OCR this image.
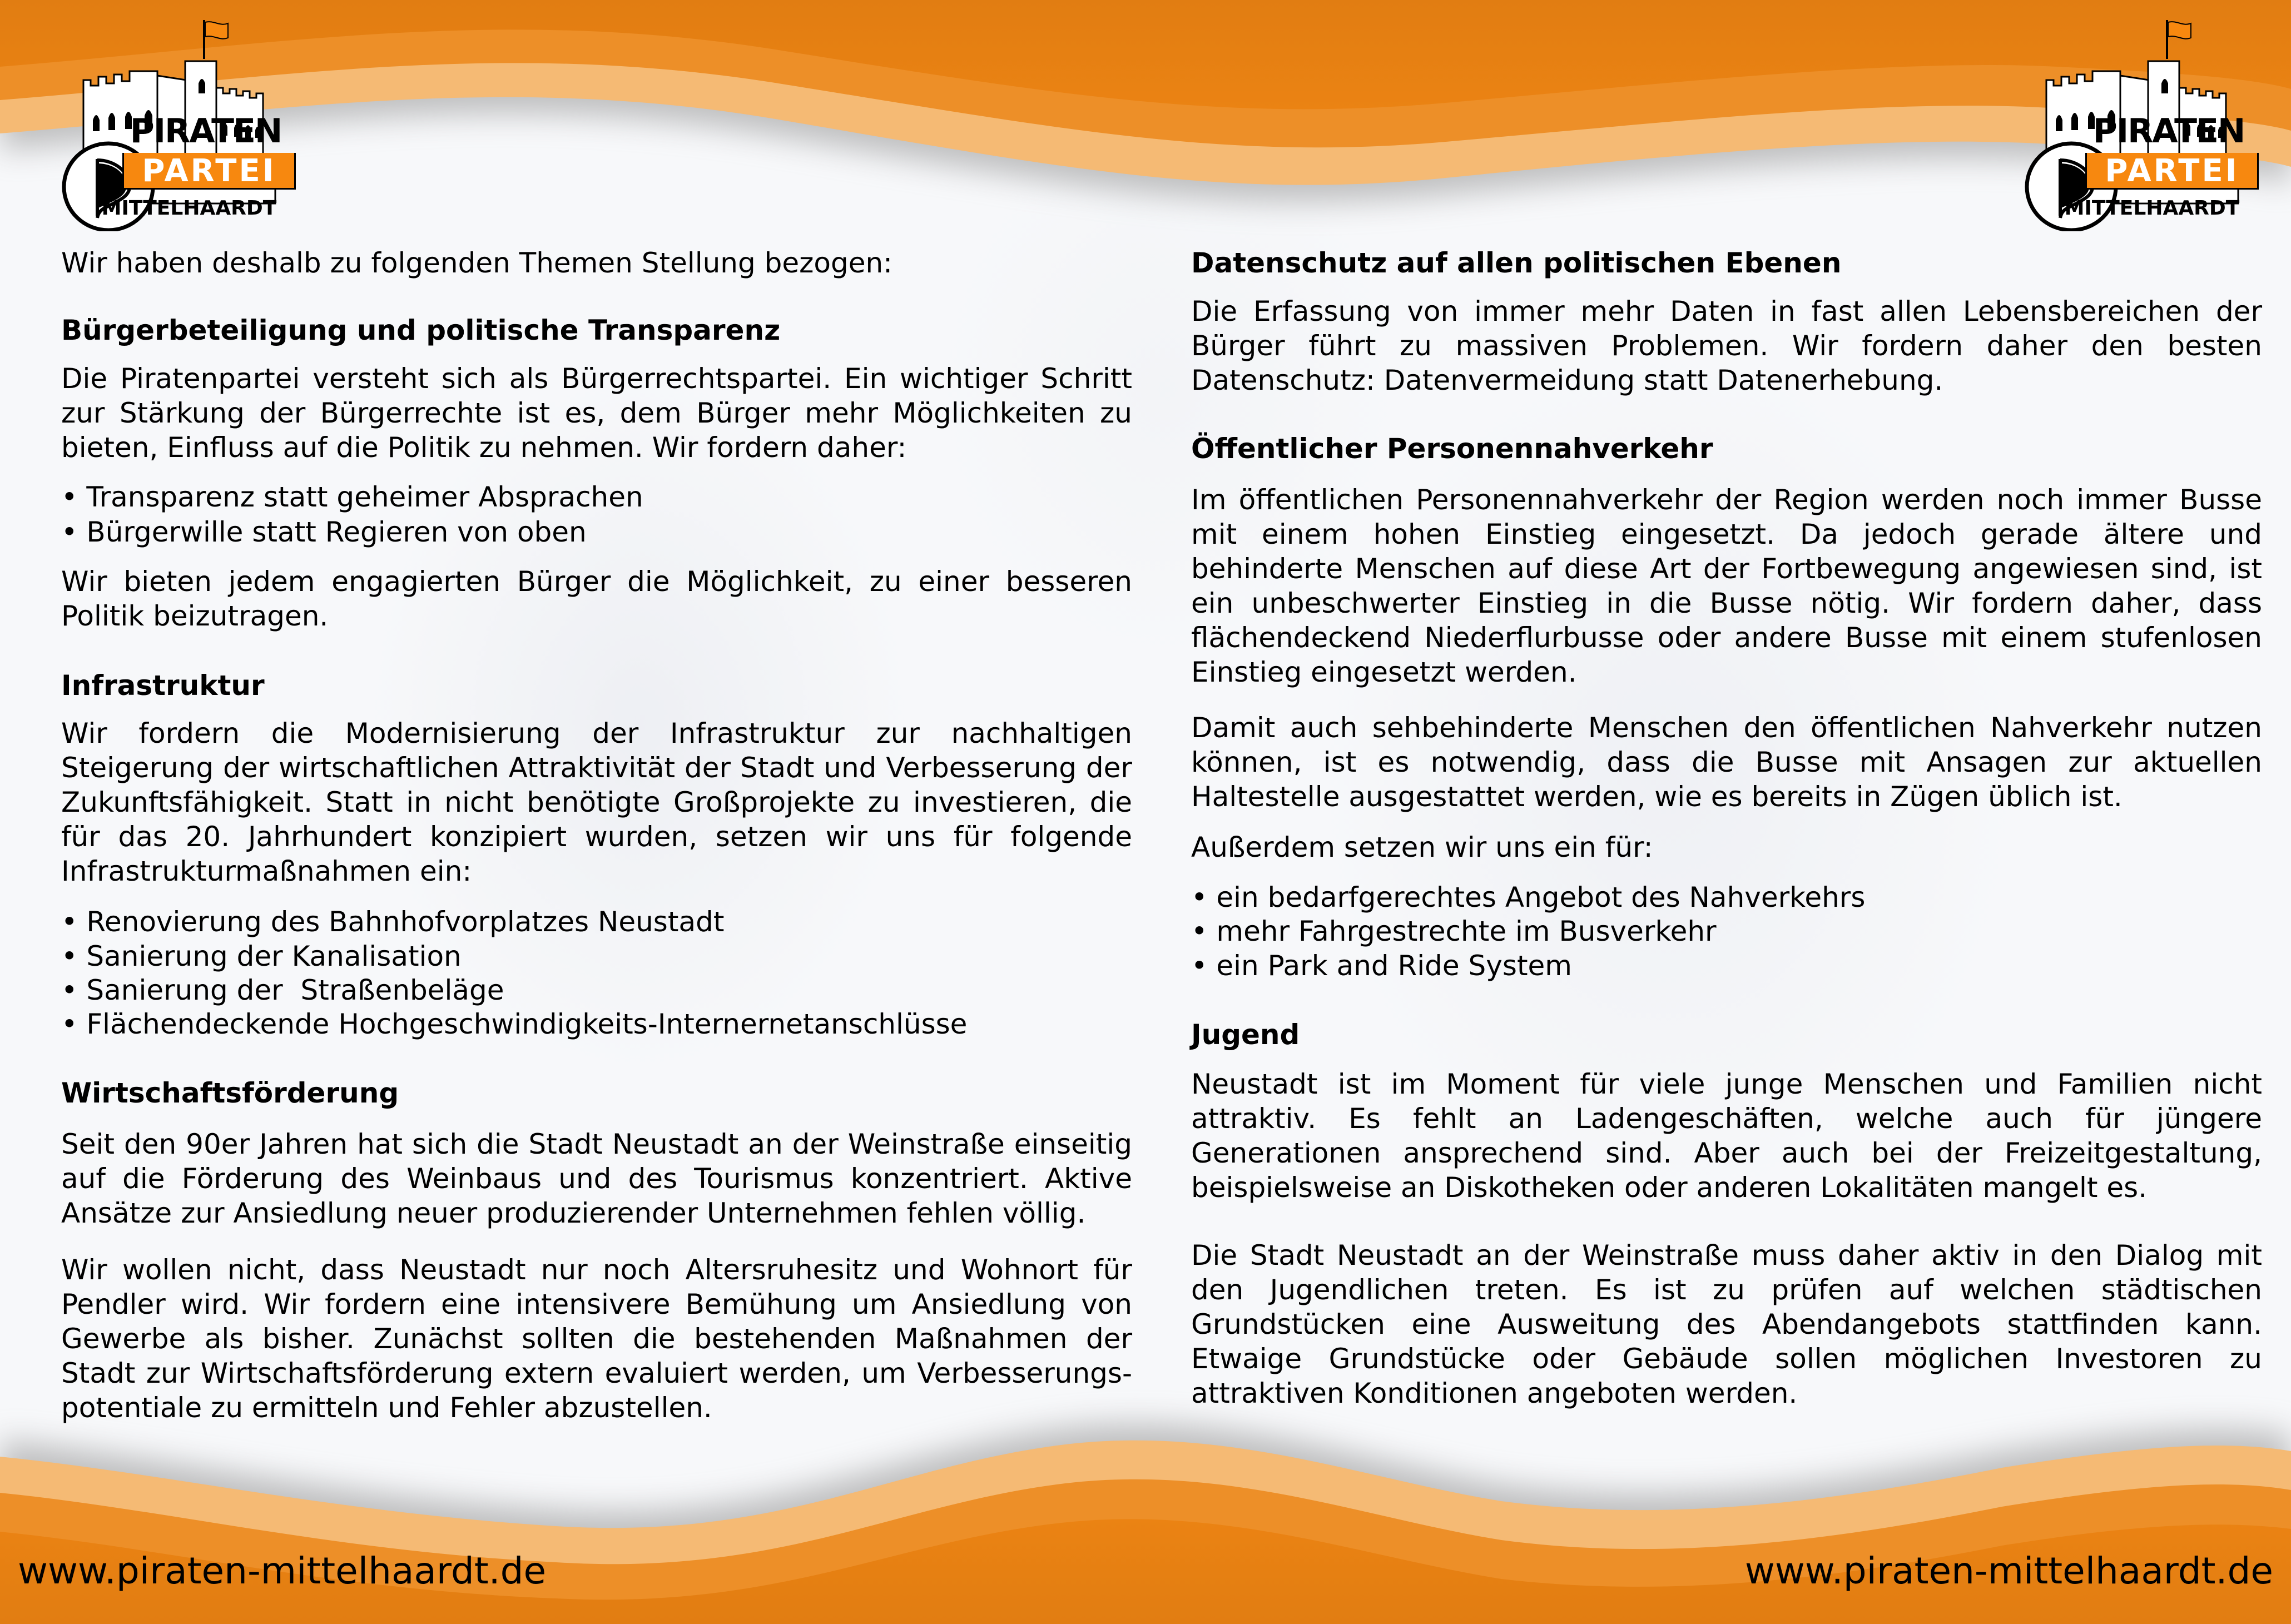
PIRATEN
PARTEI
MITTELHAARDT
PIRATEN
PARTEI
MITTELHAARDT

Wir haben deshalb zu folgenden Themen Stellung bezogen:

Bürgerbeteiligung und politische Transparenz

Die Piratenpartei versteht sich als Bürgerrechtspartei. Ein wichtiger Schritt zur Stärkung der Bürgerrechte ist es, dem Bürger mehr Möglichkeiten zu bieten, Einfluss auf die Politik zu nehmen. Wir fordern daher:

• Transparenz statt geheimer Absprachen

• Bürgerwille statt Regieren von oben

Wir bieten jedem engagierten Bürger die Möglichkeit, zu einer besseren Politik beizutragen.

Infrastruktur

Wir fordern die Modernisierung der Infrastruktur zur nachhaltigen Steigerung der wirtschaftlichen Attraktivität der Stadt und Verbesserung der Zukunftsfähigkeit. Statt in nicht benötigte Großprojekte zu investieren, die für das 20. Jahrhundert konzipiert wurden, setzen wir uns für folgende Infrastrukturmaßnahmen ein:

• Renovierung des Bahnhofvorplatzes Neustadt

• Sanierung der Kanalisation

• Sanierung der  Straßenbeläge

• Flächendeckende Hochgeschwindigkeits-Internernetanschlüsse

Wirtschaftsförderung

Seit den 90er Jahren hat sich die Stadt Neustadt an der Weinstraße einseitig auf die Förderung des Weinbaus und des Tourismus konzentriert. Aktive Ansätze zur Ansiedlung neuer produzierender Unternehmen fehlen völlig.

Wir wollen nicht, dass Neustadt nur noch Altersruhesitz und Wohnort für Pendler wird. Wir fordern eine intensivere Bemühung um Ansiedlung von Gewerbe als bisher. Zunächst sollten die bestehenden Maßnahmen der Stadt zur Wirtschaftsförderung extern evaluiert werden, um Verbesserungspotentiale zu ermitteln und Fehler abzustellen.

Datenschutz auf allen politischen Ebenen

Die Erfassung von immer mehr Daten in fast allen Lebensbereichen der Bürger führt zu massiven Problemen. Wir fordern daher den besten Datenschutz: Datenvermeidung statt Datenerhebung.

Öffentlicher Personennahverkehr

Im öffentlichen Personennahverkehr der Region werden noch immer Busse mit einem hohen Einstieg eingesetzt. Da jedoch gerade ältere und behinderte Menschen auf diese Art der Fortbewegung angewiesen sind, ist ein unbeschwerter Einstieg in die Busse nötig. Wir fordern daher, dass flächendeckend Niederflurbusse oder andere Busse mit einem stufenlosen Einstieg eingesetzt werden.

Damit auch sehbehinderte Menschen den öffentlichen Nahverkehr nutzen können, ist es notwendig, dass die Busse mit Ansagen zur aktuellen Haltestelle ausgestattet werden, wie es bereits in Zügen üblich ist.

Außerdem setzen wir uns ein für:

• ein bedarfgerechtes Angebot des Nahverkehrs

• mehr Fahrgestrechte im Busverkehr

• ein Park and Ride System

Jugend

Neustadt ist im Moment für viele junge Menschen und Familien nicht attraktiv. Es fehlt an Ladengeschäften, welche auch für jüngere Generationen ansprechend sind. Aber auch bei der Freizeitgestaltung, beispielsweise an Diskotheken oder anderen Lokalitäten mangelt es.

Die Stadt Neustadt an der Weinstraße muss daher aktiv in den Dialog mit den Jugendlichen treten. Es ist zu prüfen auf welchen städtischen Grundstücken eine Ausweitung des Abendangebots stattfinden kann. Etwaige Grundstücke oder Gebäude sollen möglichen Investoren zu attraktiven Konditionen angeboten werden.

www.piraten-mittelhaardt.de	www.piraten-mittelhaardt.de
